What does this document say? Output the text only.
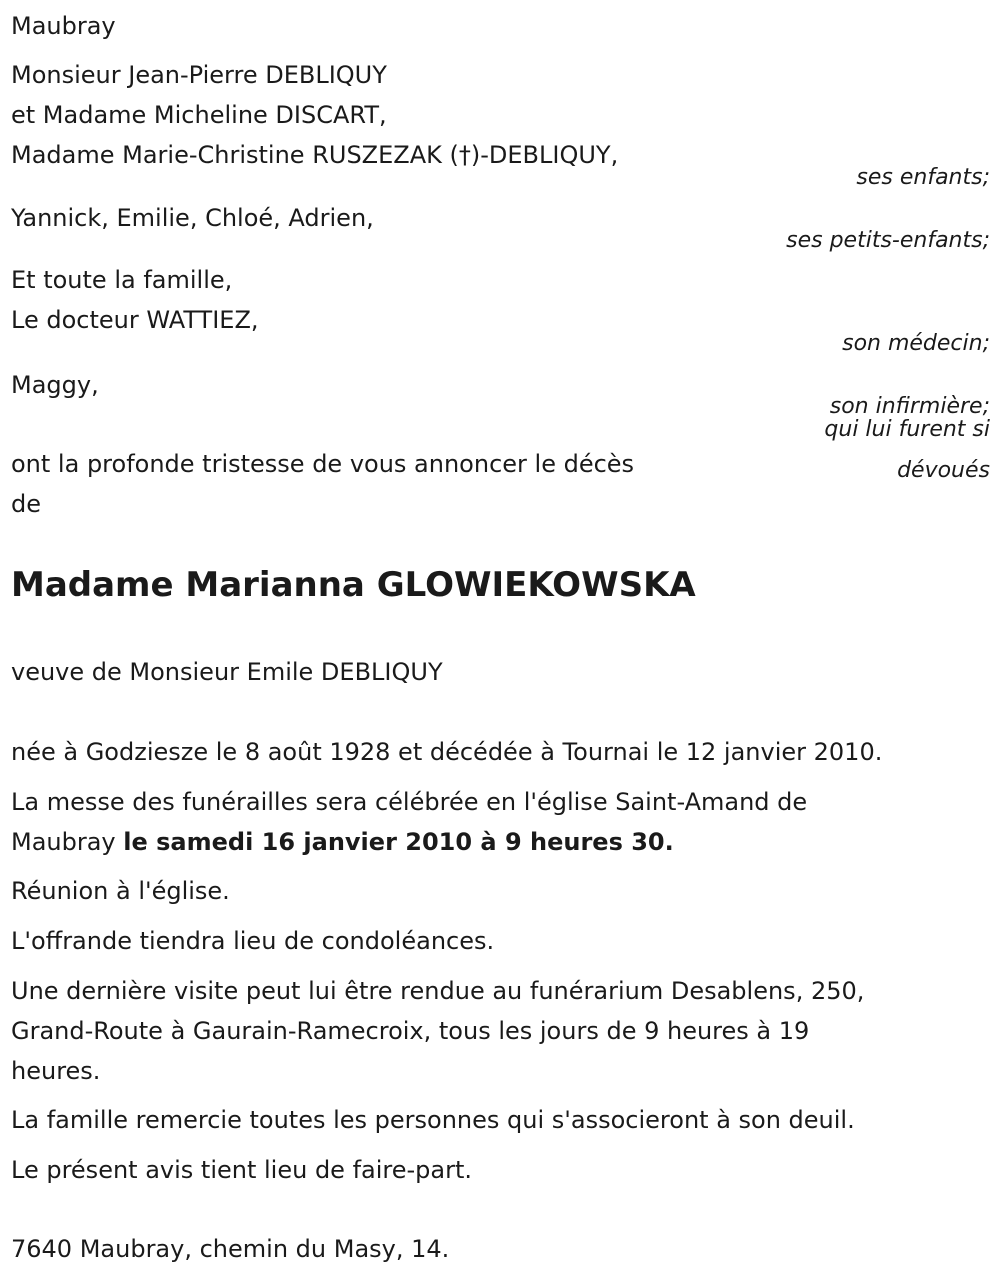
Maubray
Monsieur Jean-Pierre DEBLIQUY
et Madame Micheline DISCART,
Madame Marie-Christine RUSZEZAK (†)-DEBLIQUY,
ses enfants;
Yannick, Emilie, Chloé, Adrien,
ses petits-enfants;
Et toute la famille,
Le docteur WATTIEZ,
son médecin;
Maggy,
son infirmière;
qui lui furent si
dévoués
ont la profonde tristesse de vous annoncer le décès
de
Madame Marianna GLOWIEKOWSKA
veuve de Monsieur Emile DEBLIQUY
née à Godziesze le 8 août 1928 et décédée à Tournai le 12 janvier 2010.
La messe des funérailles sera célébrée en l'église Saint-Amand de
Maubray le samedi 16 janvier 2010 à 9 heures 30.
Réunion à l'église.
L'offrande tiendra lieu de condoléances.
Une dernière visite peut lui être rendue au funérarium Desablens, 250,
Grand-Route à Gaurain-Ramecroix, tous les jours de 9 heures à 19
heures.
La famille remercie toutes les personnes qui s'associeront à son deuil.
Le présent avis tient lieu de faire-part.
7640 Maubray, chemin du Masy, 14.
